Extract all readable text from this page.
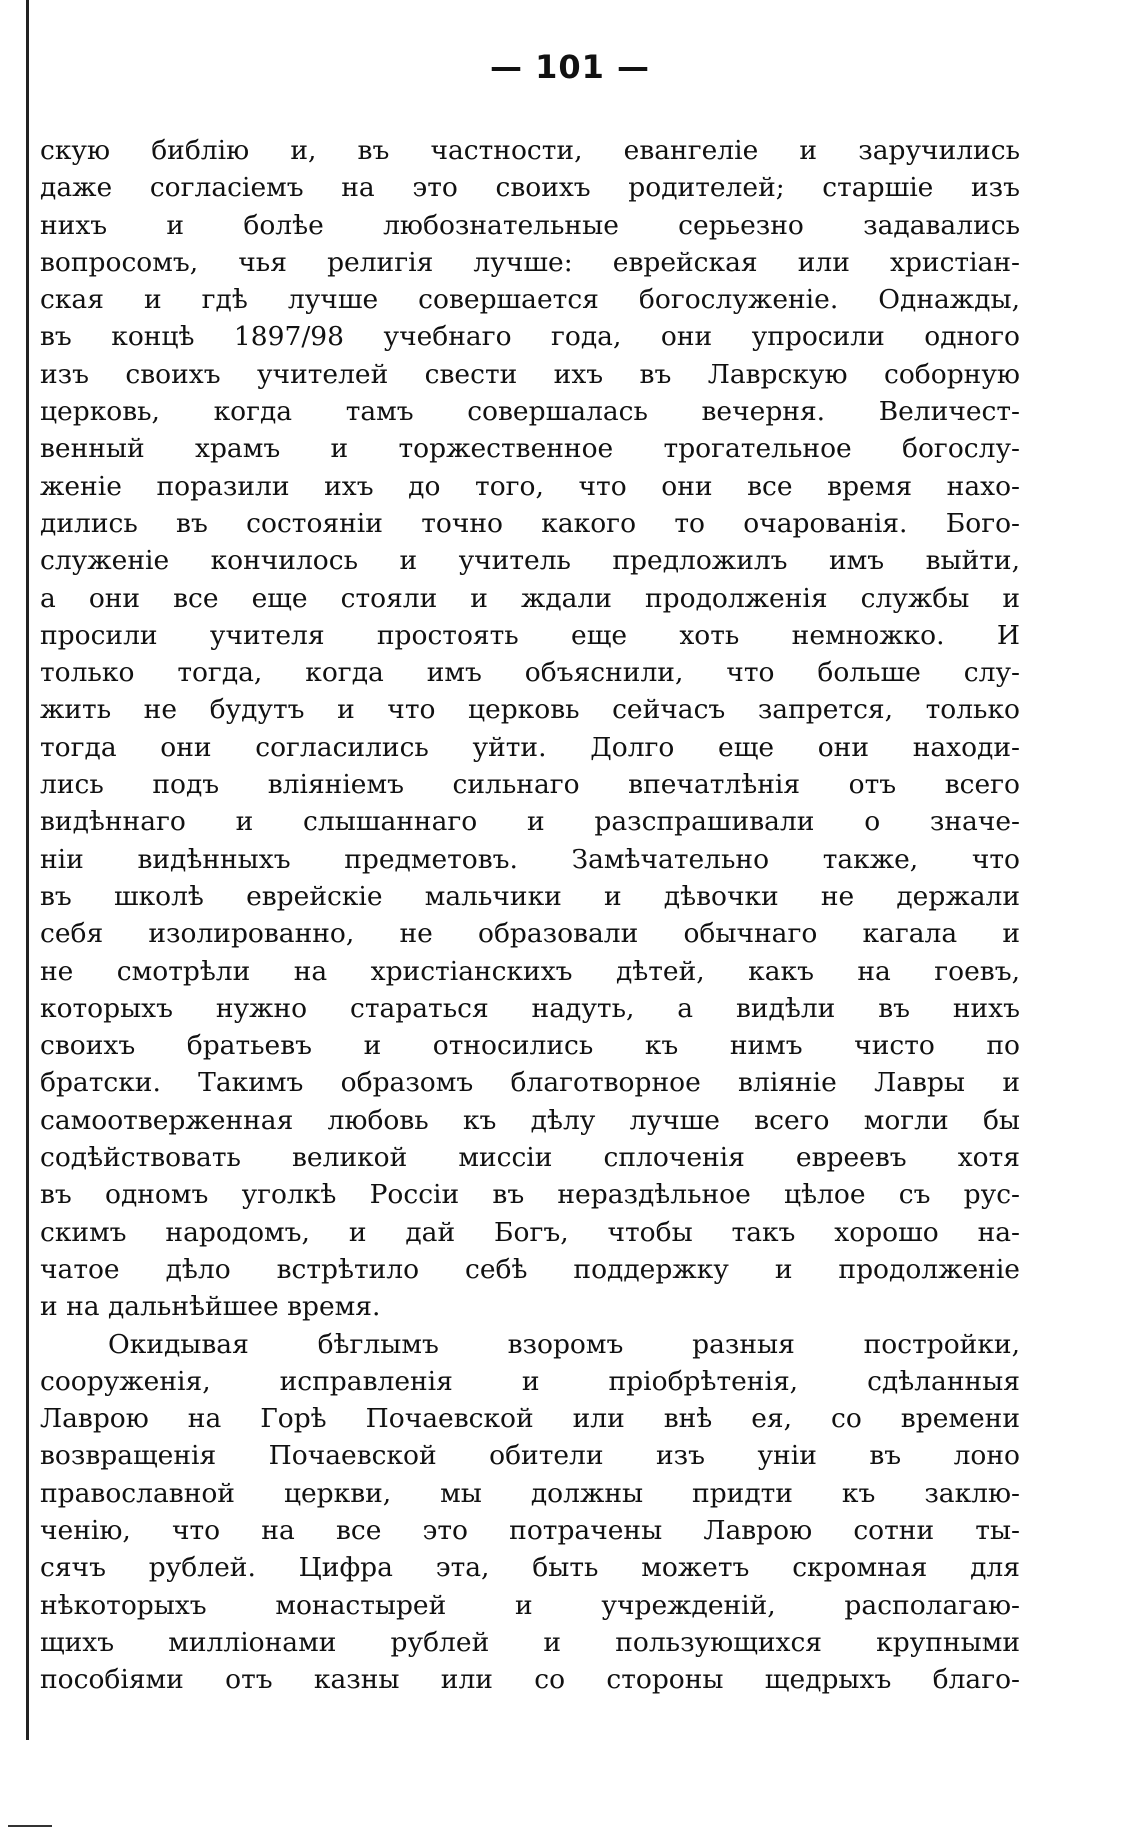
— 101 —
скую библію и, въ частности, евангеліе и заручились
даже согласіемъ на это своихъ родителей; старшіе изъ
нихъ и болѣе любознательные серьезно задавались
вопросомъ, чья религія лучше: еврейская или христіан-
ская и гдѣ лучше совершается богослуженіе. Однажды,
въ концѣ 1897/98 учебнаго года, они упросили одного
изъ своихъ учителей свести ихъ въ Лаврскую соборную
церковь, когда тамъ совершалась вечерня. Величест-
венный храмъ и торжественное трогательное богослу-
женіе поразили ихъ до того, что они все время нахо-
дились въ состояніи точно какого то очарованія. Бого-
служеніе кончилось и учитель предложилъ имъ выйти,
а они все еще стояли и ждали продолженія службы и
просили учителя простоять еще хоть немножко. И
только тогда, когда имъ объяснили, что больше слу-
жить не будутъ и что церковь сейчасъ запрется, только
тогда они согласились уйти. Долго еще они находи-
лись подъ вліяніемъ сильнаго впечатлѣнія отъ всего
видѣннаго и слышаннаго и разспрашивали о значе-
ніи видѣнныхъ предметовъ. Замѣчательно также, что
въ школѣ еврейскіе мальчики и дѣвочки не держали
себя изолированно, не образовали обычнаго кагала и
не смотрѣли на христіанскихъ дѣтей, какъ на гоевъ,
которыхъ нужно стараться надуть, а видѣли въ нихъ
своихъ братьевъ и относились къ нимъ чисто по
братски. Такимъ образомъ благотворное вліяніе Лавры и
самоотверженная любовь къ дѣлу лучше всего могли бы
содѣйствовать великой миссіи сплоченія евреевъ хотя
въ одномъ уголкѣ Россіи въ нераздѣльное цѣлое съ рус-
скимъ народомъ, и дай Богъ, чтобы такъ хорошо на-
чатое дѣло встрѣтило себѣ поддержку и продолженіе
и на дальнѣйшее время.
Окидывая бѣглымъ взоромъ разныя постройки,
сооруженія, исправленія и пріобрѣтенія, сдѣланныя
Лаврою на Горѣ Почаевской или внѣ ея, со времени
возвращенія Почаевской обители изъ уніи въ лоно
православной церкви, мы должны придти къ заклю-
ченію, что на все это потрачены Лаврою сотни ты-
сячъ рублей. Цифра эта, быть можетъ скромная для
нѣкоторыхъ монастырей и учрежденій, располагаю-
щихъ милліонами рублей и пользующихся крупными
пособіями отъ казны или со стороны щедрыхъ благо-
